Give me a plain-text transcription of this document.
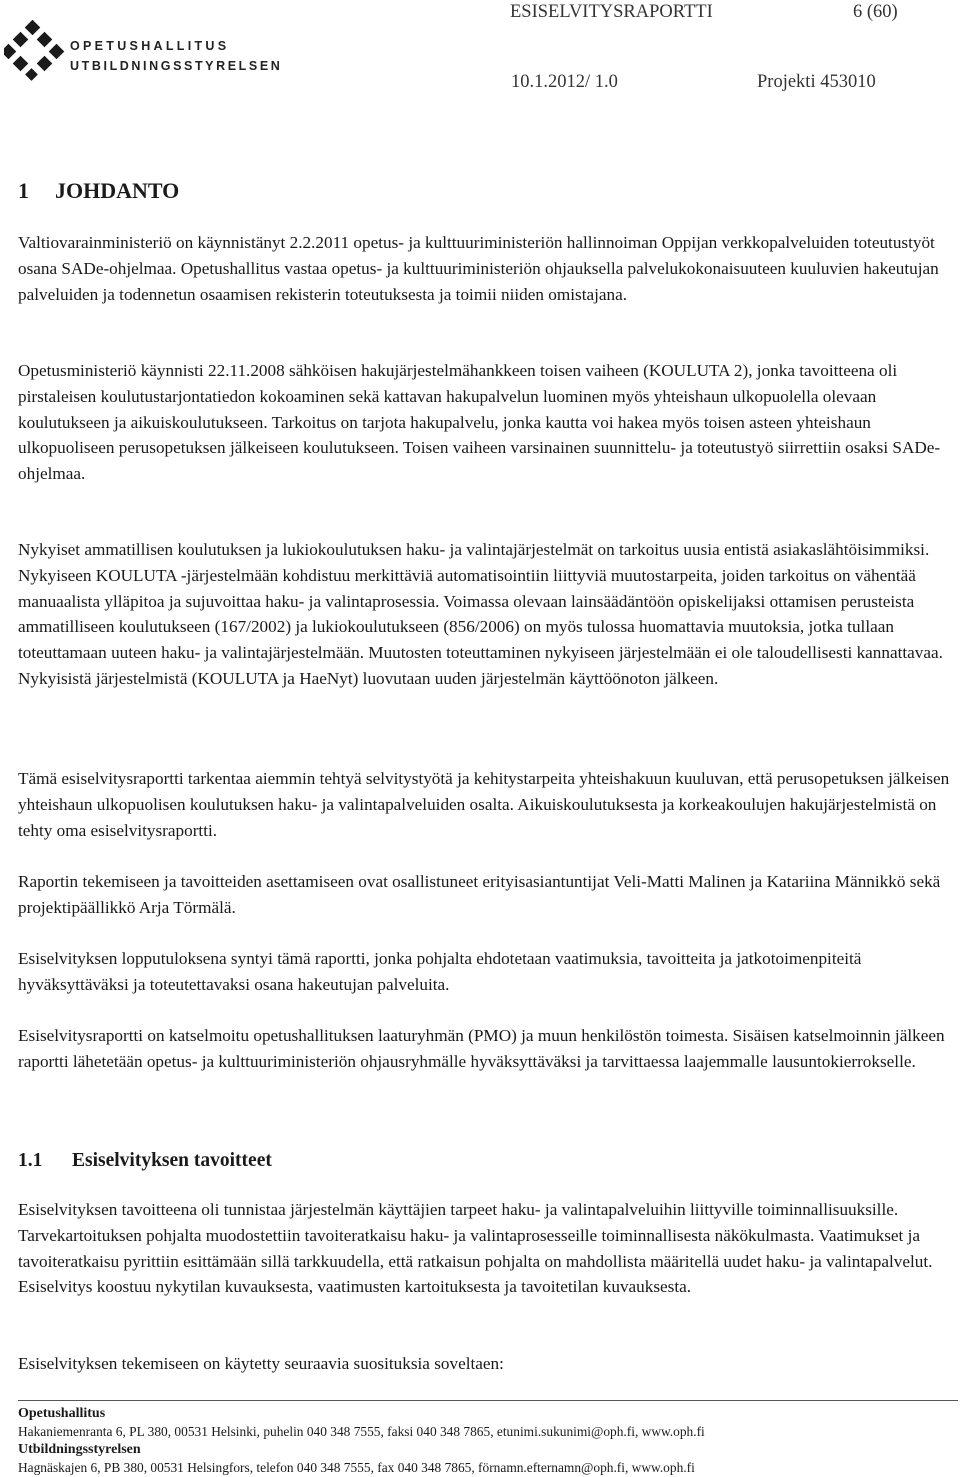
OPETUSHALLITUS
UTBILDNINGSSTYRELSEN
ESISELVITYSRAPORTTI	6 (60)
10.1.2012/ 1.0	Projekti 453010
1 JOHDANTO

Valtiovarainministeriö on käynnistänyt 2.2.2011 opetus- ja kulttuuriministeriön hallinnoiman Oppijan verkkopalveluiden toteutustyöt osana SADe-ohjelmaa. Opetushallitus vastaa opetus- ja kulttuuriministeriön ohjauksella palvelukokonaisuuteen kuuluvien hakeutujan palveluiden ja todennetun osaamisen rekisterin toteutuksesta ja toimii niiden omistajana.

Opetusministeriö käynnisti 22.11.2008 sähköisen hakujärjestelmähankkeen toisen vaiheen (KOULUTA 2), jonka tavoitteena oli pirstaleisen koulutustarjontatiedon kokoaminen sekä kattavan hakupalvelun luominen myös yhteishaun ulkopuolella olevaan koulutukseen ja aikuiskoulutukseen. Tarkoitus on tarjota hakupalvelu, jonka kautta voi hakea myös toisen asteen yhteishaun ulkopuoliseen perusopetuksen jälkeiseen koulutukseen. Toisen vaiheen varsinainen suunnittelu- ja toteutustyö siirrettiin osaksi SADe-ohjelmaa.

Nykyiset ammatillisen koulutuksen ja lukiokoulutuksen haku- ja valintajärjestelmät on tarkoitus uusia entistä asiakaslähtöisimmiksi. Nykyiseen KOULUTA -järjestelmään kohdistuu merkittäviä automatisointiin liittyviä muutostarpeita, joiden tarkoitus on vähentää manuaalista ylläpitoa ja sujuvoittaa haku- ja valintaprosessia. Voimassa olevaan lainsäädäntöön opiskelijaksi ottamisen perusteista ammatilliseen koulutukseen (167/2002) ja lukiokoulutukseen (856/2006) on myös tulossa huomattavia muutoksia, jotka tullaan toteuttamaan uuteen haku- ja valintajärjestelmään. Muutosten toteuttaminen nykyiseen järjestelmään ei ole taloudellisesti kannattavaa. Nykyisistä järjestelmistä (KOULUTA ja HaeNyt) luovutaan uuden järjestelmän käyttöönoton jälkeen.

Tämä esiselvitysraportti tarkentaa aiemmin tehtyä selvitystyötä ja kehitystarpeita yhteishakuun kuuluvan, että perusopetuksen jälkeisen yhteishaun ulkopuolisen koulutuksen haku- ja valintapalveluiden osalta. Aikuiskoulutuksesta ja korkeakoulujen hakujärjestelmistä on tehty oma esiselvitysraportti.

Raportin tekemiseen ja tavoitteiden asettamiseen ovat osallistuneet erityisasiantuntijat Veli-Matti Malinen ja Katariina Männikkö sekä projektipäällikkö Arja Törmälä.

Esiselvityksen lopputuloksena syntyi tämä raportti, jonka pohjalta ehdotetaan vaatimuksia, tavoitteita ja jatkotoimenpiteitä hyväksyttäväksi ja toteutettavaksi osana hakeutujan palveluita.

Esiselvitysraportti on katselmoitu opetushallituksen laaturyhmän (PMO) ja muun henkilöstön toimesta. Sisäisen katselmoinnin jälkeen raportti lähetetään opetus- ja kulttuuriministeriön ohjausryhmälle hyväksyttäväksi ja tarvittaessa laajemmalle lausuntokierrokselle.

1.1 Esiselvityksen tavoitteet

Esiselvityksen tavoitteena oli tunnistaa järjestelmän käyttäjien tarpeet haku- ja valintapalveluihin liittyville toiminnallisuuksille. Tarvekartoituksen pohjalta muodostettiin tavoiteratkaisu haku- ja valintaprosesseille toiminnallisesta näkökulmasta. Vaatimukset ja tavoiteratkaisu pyrittiin esittämään sillä tarkkuudella, että ratkaisun pohjalta on mahdollista määritellä uudet haku- ja valintapalvelut. Esiselvitys koostuu nykytilan kuvauksesta, vaatimusten kartoituksesta ja tavoitetilan kuvauksesta.

Esiselvityksen tekemiseen on käytetty seuraavia suosituksia soveltaen:

Opetushallitus
Hakaniemenranta 6, PL 380, 00531 Helsinki, puhelin 040 348 7555, faksi 040 348 7865, etunimi.sukunimi@oph.fi, www.oph.fi
Utbildningsstyrelsen
Hagnäskajen 6, PB 380, 00531 Helsingfors, telefon 040 348 7555, fax 040 348 7865, förnamn.efternamn@oph.fi, www.oph.fi
